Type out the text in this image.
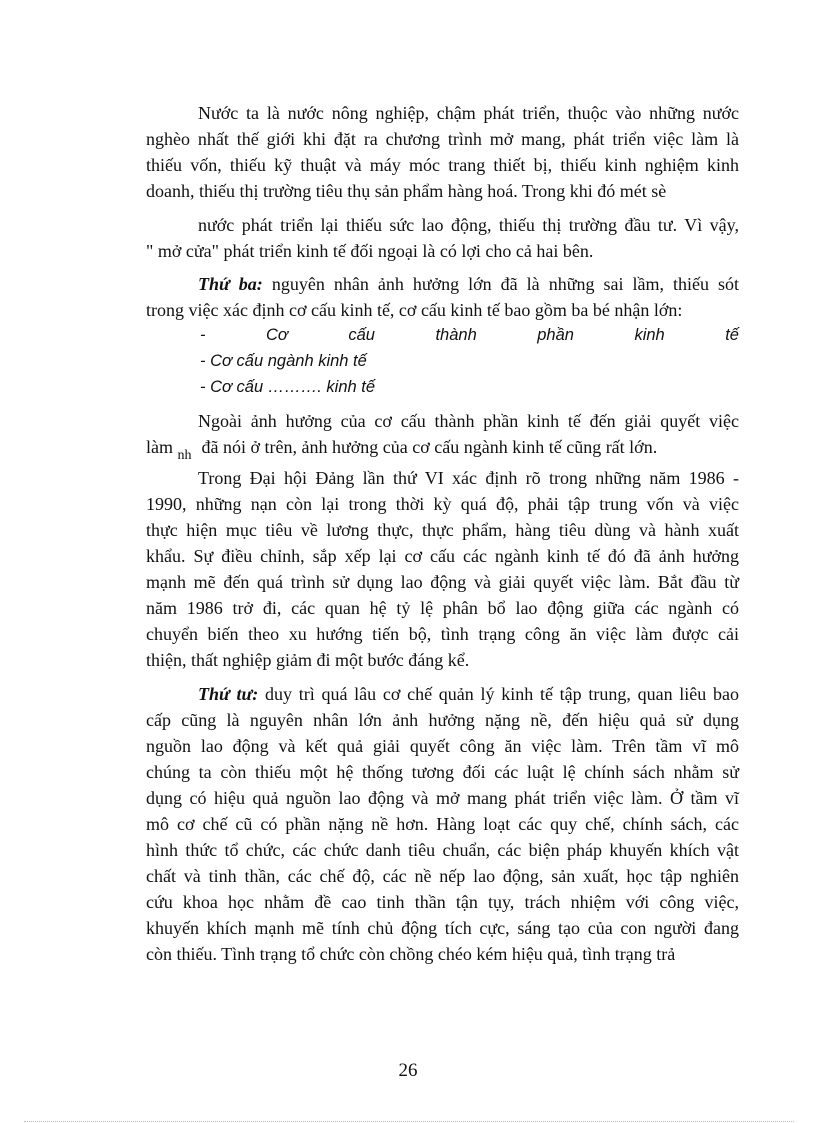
Nước ta là nước nông nghiệp, chậm phát triển, thuộc vào những nước
nghèo nhất thế giới khi đặt ra chương trình mở mang, phát triển việc làm là
thiếu vốn, thiếu kỹ thuật và máy móc trang thiết bị, thiếu kinh nghiệm kinh
doanh, thiếu thị trường tiêu thụ sản phẩm hàng hoá. Trong khi đó mét sè
nước phát triển lại thiếu sức lao động, thiếu thị trường đầu tư. Vì vậy,
" mở cửa" phát triển kinh tế đối ngoại là có lợi cho cả hai bên.
Thứ ba: nguyên nhân ảnh hưởng lớn đã là những sai lầm, thiếu sót
trong việc xác định cơ cấu kinh tế, cơ cấu kinh tế bao gồm ba bé nhận lớn:
-	Cơ	cấu	thành	phần	kinh	tế
- Cơ cấu ngành kinh tế
- Cơ cấu ………. kinh tế
Ngoài ảnh hưởng của cơ cấu thành phần kinh tế đến giải quyết việc
làm $_{nh}$ đã nói ở trên, ảnh hưởng của cơ cấu ngành kinh tế cũng rất lớn.
Trong Đại hội Đảng lần thứ VI xác định rõ trong những năm 1986 -
1990, những nạn còn lại trong thời kỳ quá độ, phải tập trung vốn và việc
thực hiện mục tiêu về lương thực, thực phẩm, hàng tiêu dùng và hành xuất
khẩu. Sự điều chỉnh, sắp xếp lại cơ cấu các ngành kinh tế đó đã ảnh hưởng
mạnh mẽ đến quá trình sử dụng lao động và giải quyết việc làm. Bắt đầu từ
năm 1986 trở đi, các quan hệ tỷ lệ phân bổ lao động giữa các ngành có
chuyển biến theo xu hướng tiến bộ, tình trạng công ăn việc làm được cải
thiện, thất nghiệp giảm đi một bước đáng kể.
Thứ tư: duy trì quá lâu cơ chế quản lý kinh tế tập trung, quan liêu bao
cấp cũng là nguyên nhân lớn ảnh hưởng nặng nề, đến hiệu quả sử dụng
nguồn lao động và kết quả giải quyết công ăn việc làm. Trên tầm vĩ mô
chúng ta còn thiếu một hệ thống tương đối các luật lệ chính sách nhằm sử
dụng có hiệu quả nguồn lao động và mở mang phát triển việc làm. Ở tầm vĩ
mô cơ chế cũ có phần nặng nề hơn. Hàng loạt các quy chế, chính sách, các
hình thức tổ chức, các chức danh tiêu chuẩn, các biện pháp khuyến khích vật
chất và tinh thần, các chế độ, các nề nếp lao động, sản xuất, học tập nghiên
cứu khoa học nhằm đề cao tinh thần tận tụy, trách nhiệm với công việc,
khuyến khích mạnh mẽ tính chủ động tích cực, sáng tạo của con người đang
còn thiếu. Tình trạng tổ chức còn chồng chéo kém hiệu quả, tình trạng trả
26
